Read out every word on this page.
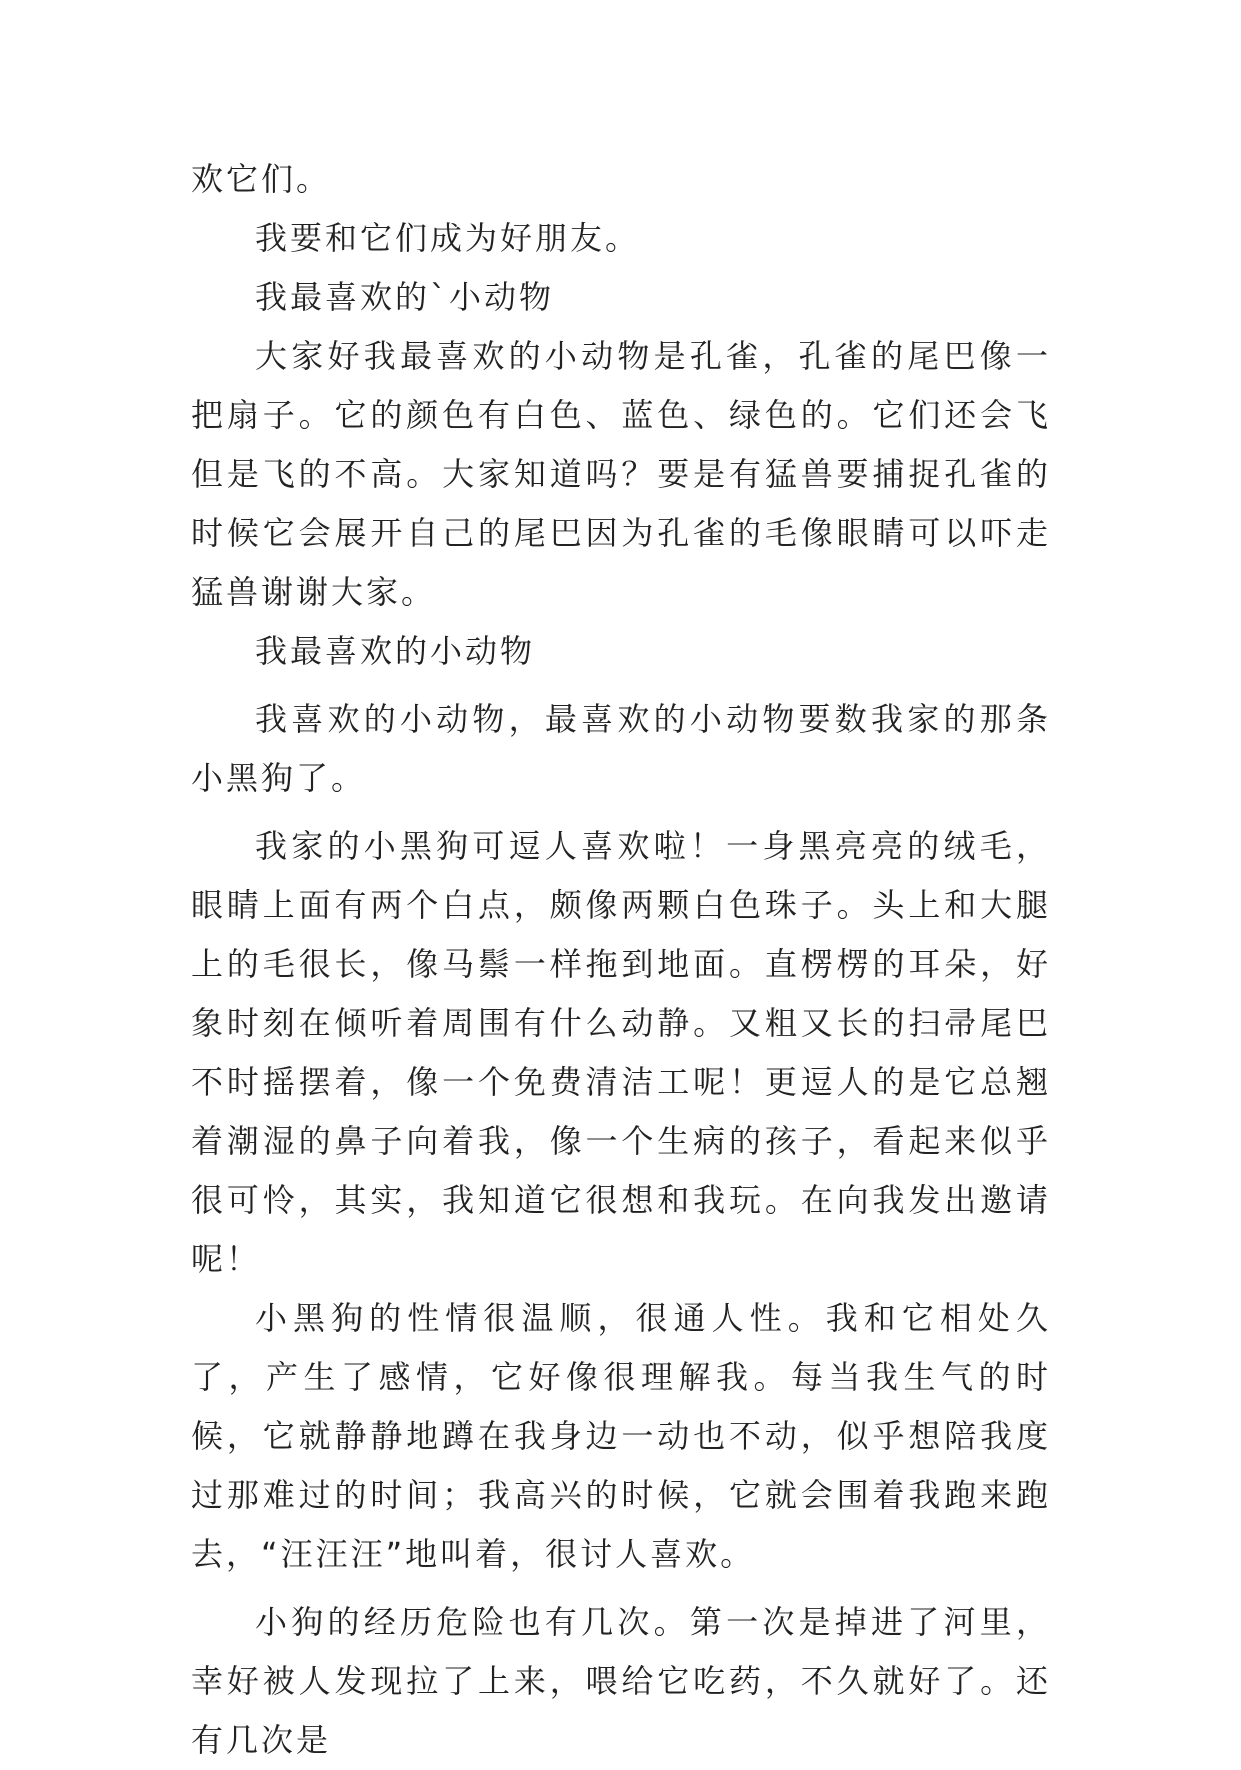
欢它们。

我要和它们成为好朋友。

我最喜欢的`小动物

大家好我最喜欢的小动物是孔雀，孔雀的尾巴像一把扇子。它的颜色有白色、蓝色、绿色的。它们还会飞但是飞的不高。大家知道吗？要是有猛兽要捕捉孔雀的时候它会展开自己的尾巴因为孔雀的毛像眼睛可以吓走猛兽谢谢大家。

我最喜欢的小动物

我喜欢的小动物，最喜欢的小动物要数我家的那条小黑狗了。

我家的小黑狗可逗人喜欢啦！一身黑亮亮的绒毛，眼睛上面有两个白点，颇像两颗白色珠子。头上和大腿上的毛很长，像马鬃一样拖到地面。直楞楞的耳朵，好象时刻在倾听着周围有什么动静。又粗又长的扫帚尾巴不时摇摆着，像一个免费清洁工呢！更逗人的是它总翘着潮湿的鼻子向着我，像一个生病的孩子，看起来似乎很可怜，其实，我知道它很想和我玩。在向我发出邀请呢！

小黑狗的性情很温顺，很通人性。我和它相处久了，产生了感情，它好像很理解我。每当我生气的时候，它就静静地蹲在我身边一动也不动，似乎想陪我度过那难过的时间；我高兴的时候，它就会围着我跑来跑去，“汪汪汪”地叫着，很讨人喜欢。

小狗的经历危险也有几次。第一次是掉进了河里，幸好被人发现拉了上来，喂给它吃药，不久就好了。还有几次是
